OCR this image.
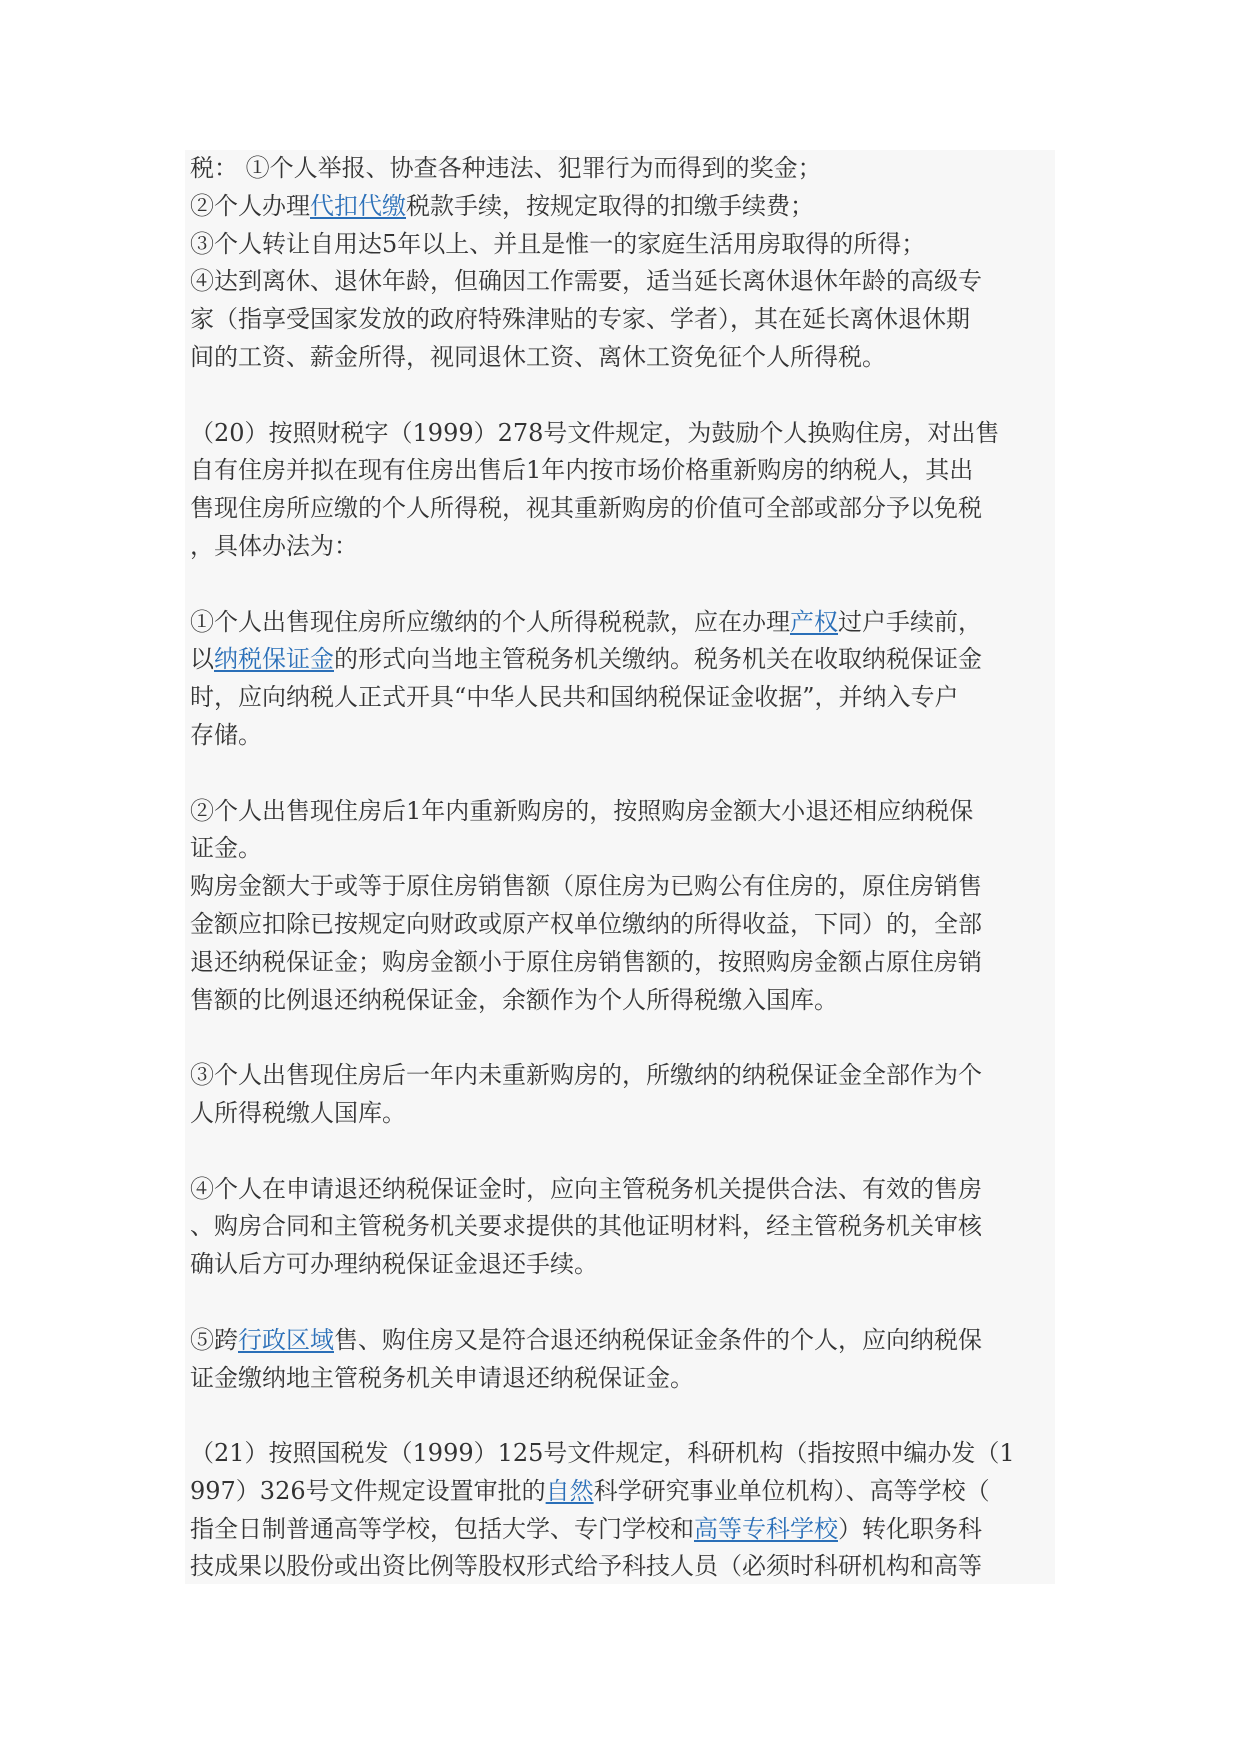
税： ①个人举报、协查各种违法、犯罪行为而得到的奖金；
②个人办理代扣代缴税款手续，按规定取得的扣缴手续费；
③个人转让自用达5年以上、并且是惟一的家庭生活用房取得的所得；
④达到离休、退休年龄，但确因工作需要，适当延长离休退休年龄的高级专
家（指享受国家发放的政府特殊津贴的专家、学者），其在延长离休退休期
间的工资、薪金所得，视同退休工资、离休工资免征个人所得税。
（20）按照财税字（1999）278号文件规定，为鼓励个人换购住房，对出售
自有住房并拟在现有住房出售后1年内按市场价格重新购房的纳税人，其出
售现住房所应缴的个人所得税，视其重新购房的价值可全部或部分予以免税
，具体办法为：
①个人出售现住房所应缴纳的个人所得税税款，应在办理产权过户手续前，
以纳税保证金的形式向当地主管税务机关缴纳。税务机关在收取纳税保证金
时，应向纳税人正式开具“中华人民共和国纳税保证金收据”，并纳入专户
存储。
②个人出售现住房后1年内重新购房的，按照购房金额大小退还相应纳税保
证金。
购房金额大于或等于原住房销售额（原住房为已购公有住房的，原住房销售
金额应扣除已按规定向财政或原产权单位缴纳的所得收益，下同）的，全部
退还纳税保证金；购房金额小于原住房销售额的，按照购房金额占原住房销
售额的比例退还纳税保证金，余额作为个人所得税缴入国库。
③个人出售现住房后一年内未重新购房的，所缴纳的纳税保证金全部作为个
人所得税缴人国库。
④个人在申请退还纳税保证金时，应向主管税务机关提供合法、有效的售房
、购房合同和主管税务机关要求提供的其他证明材料，经主管税务机关审核
确认后方可办理纳税保证金退还手续。
⑤跨行政区域售、购住房又是符合退还纳税保证金条件的个人，应向纳税保
证金缴纳地主管税务机关申请退还纳税保证金。
（21）按照国税发（1999）125号文件规定，科研机构（指按照中编办发（1
997）326号文件规定设置审批的自然科学研究事业单位机构）、高等学校（
指全日制普通高等学校，包括大学、专门学校和高等专科学校）转化职务科
技成果以股份或出资比例等股权形式给予科技人员（必须时科研机构和高等
